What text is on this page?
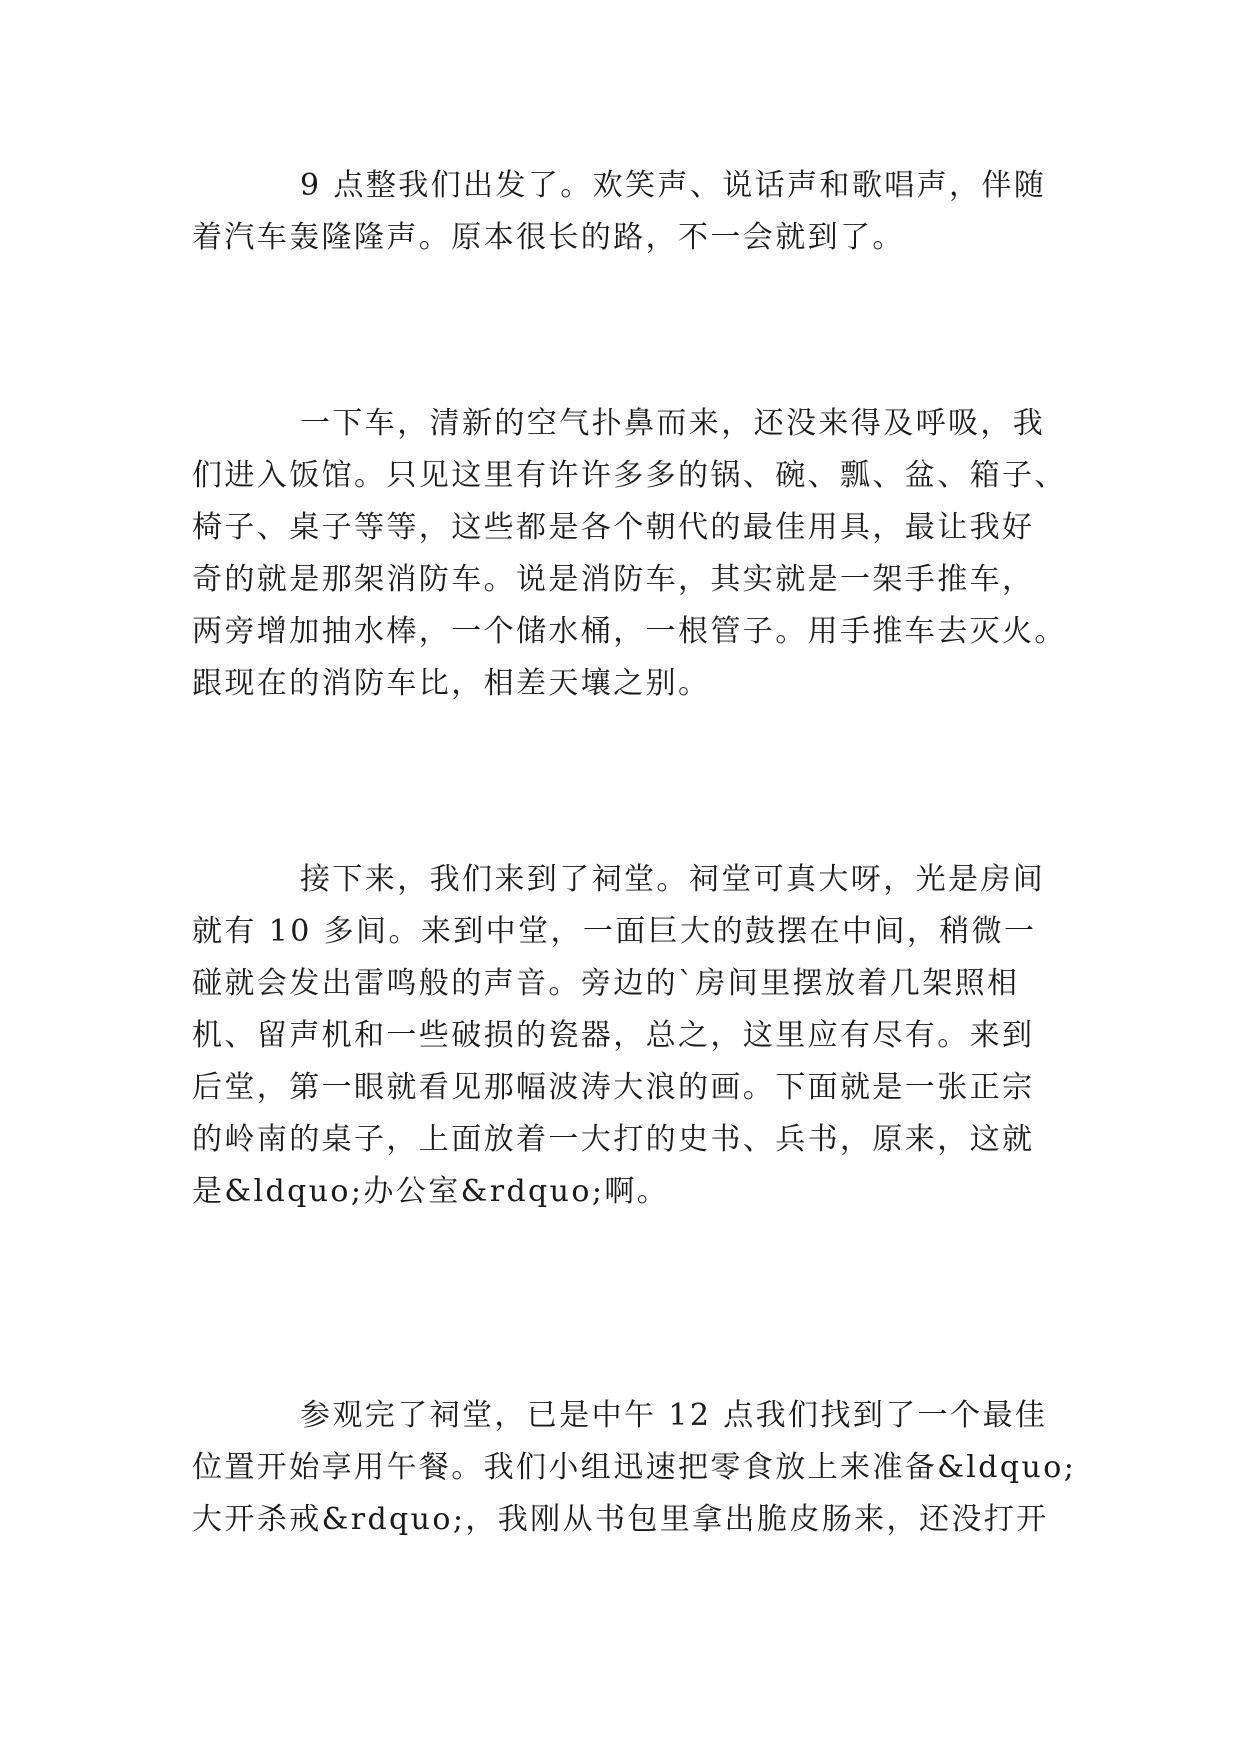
9 点整我们出发了。欢笑声、说话声和歌唱声，伴随
着汽车轰隆隆声。原本很长的路，不一会就到了。
一下车，清新的空气扑鼻而来，还没来得及呼吸，我
们进入饭馆。只见这里有许许多多的锅、碗、瓢、盆、箱子、
椅子、桌子等等，这些都是各个朝代的最佳用具，最让我好
奇的就是那架消防车。说是消防车，其实就是一架手推车，
两旁增加抽水棒，一个储水桶，一根管子。用手推车去灭火。
跟现在的消防车比，相差天壤之别。
接下来，我们来到了祠堂。祠堂可真大呀，光是房间
就有 10 多间。来到中堂，一面巨大的鼓摆在中间，稍微一
碰就会发出雷鸣般的声音。旁边的`房间里摆放着几架照相
机、留声机和一些破损的瓷器，总之，这里应有尽有。来到
后堂，第一眼就看见那幅波涛大浪的画。下面就是一张正宗
的岭南的桌子，上面放着一大打的史书、兵书，原来，这就
是&ldquo;办公室&rdquo;啊。
参观完了祠堂，已是中午 12 点我们找到了一个最佳
位置开始享用午餐。我们小组迅速把零食放上来准备&ldquo;
大开杀戒&rdquo;，我刚从书包里拿出脆皮肠来，还没打开
